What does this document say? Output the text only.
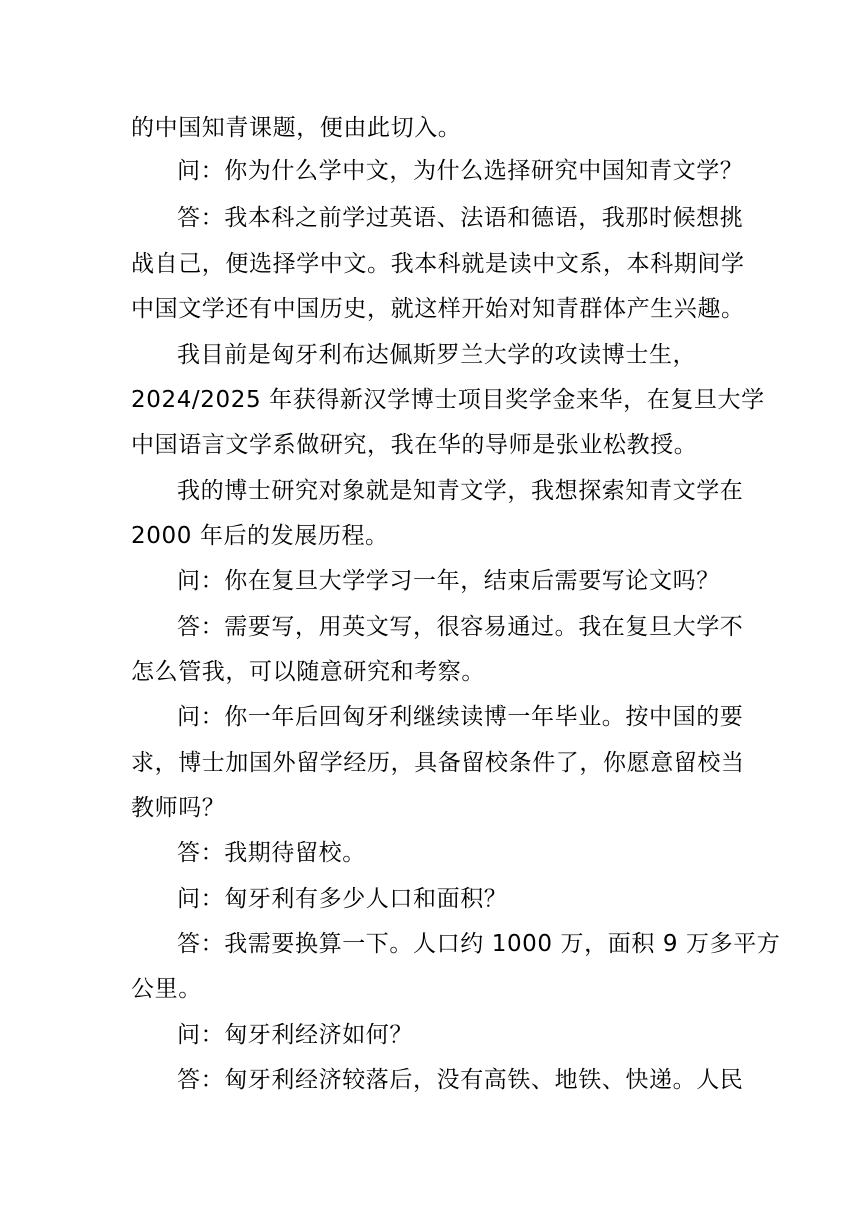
的中国知青课题，便由此切入。
问：你为什么学中文，为什么选择研究中国知青文学？
答：我本科之前学过英语、法语和德语，我那时候想挑
战自己，便选择学中文。我本科就是读中文系，本科期间学
中国文学还有中国历史，就这样开始对知青群体产生兴趣。
我目前是匈牙利布达佩斯罗兰大学的攻读博士生，
2024/2025 年获得新汉学博士项目奖学金来华，在复旦大学
中国语言文学系做研究，我在华的导师是张业松教授。
我的博士研究对象就是知青文学，我想探索知青文学在
2000 年后的发展历程。
问：你在复旦大学学习一年，结束后需要写论文吗？
答：需要写，用英文写，很容易通过。我在复旦大学不
怎么管我，可以随意研究和考察。
问：你一年后回匈牙利继续读博一年毕业。按中国的要
求，博士加国外留学经历，具备留校条件了，你愿意留校当
教师吗？
答：我期待留校。
问：匈牙利有多少人口和面积？
答：我需要换算一下。人口约 1000 万，面积 9 万多平方
公里。
问：匈牙利经济如何？
答：匈牙利经济较落后，没有高铁、地铁、快递。人民
